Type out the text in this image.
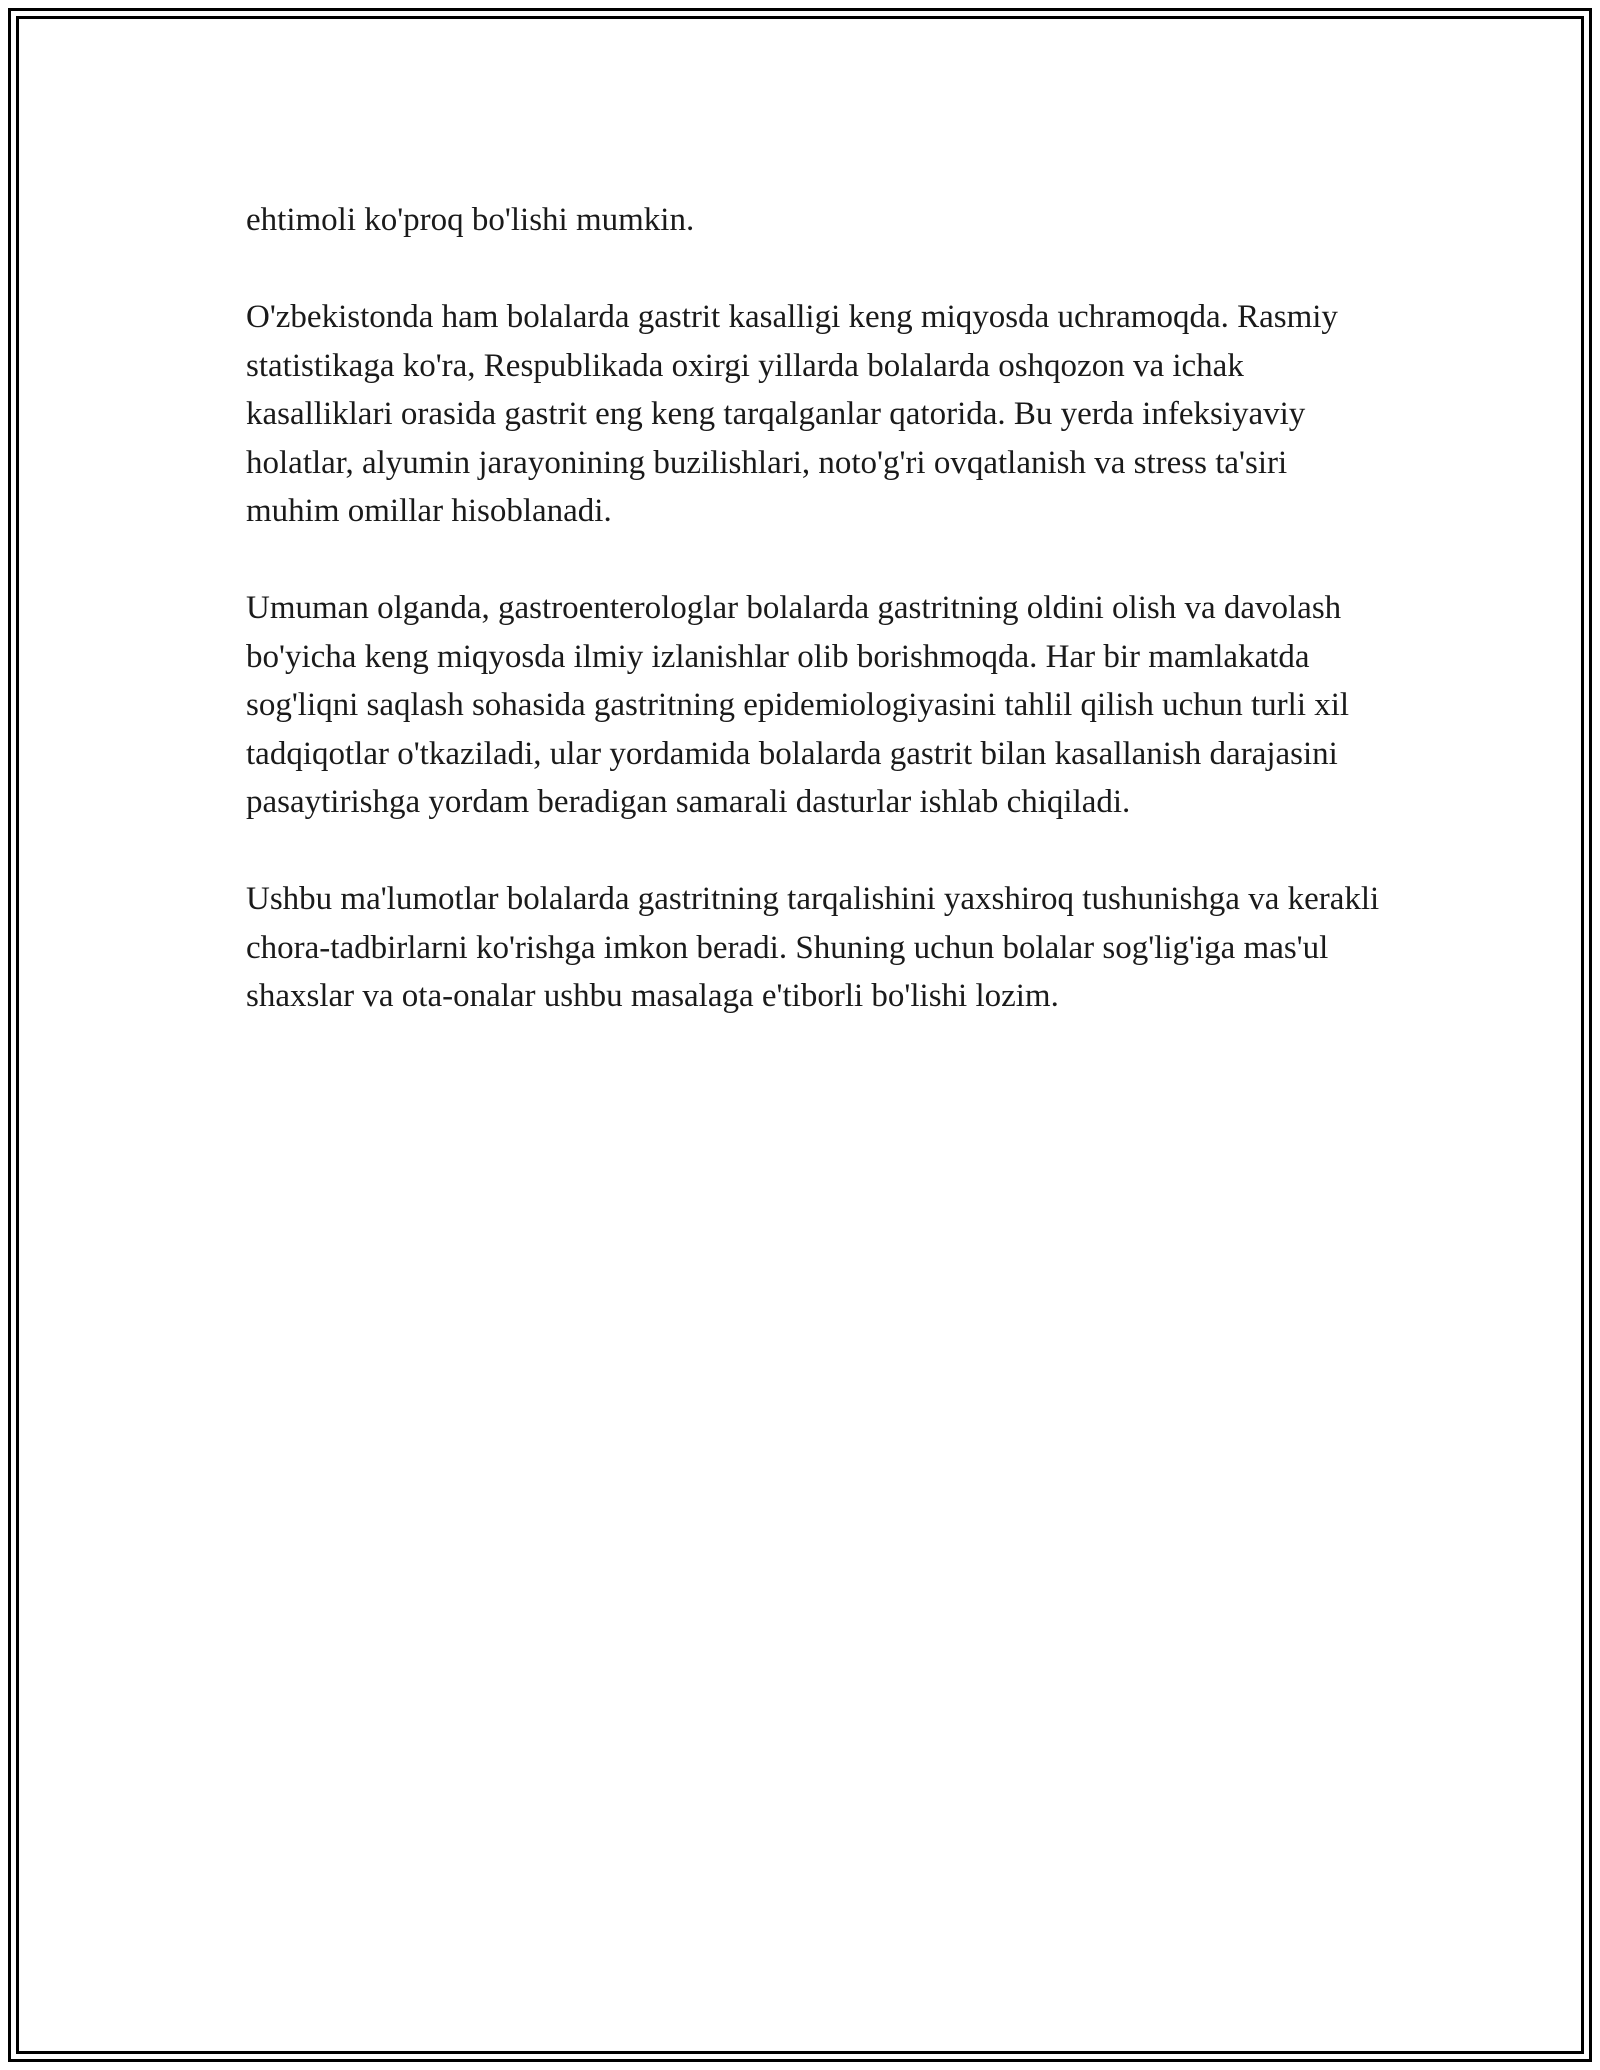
ehtimoli ko'proq bo'lishi mumkin.

O'zbekistonda ham bolalarda gastrit kasalligi keng miqyosda uchramoqda. Rasmiy statistikaga ko'ra, Respublikada oxirgi yillarda bolalarda oshqozon va ichak kasalliklari orasida gastrit eng keng tarqalganlar qatorida. Bu yerda infeksiyaviy holatlar, alyumin jarayonining buzilishlari, noto'g'ri ovqatlanish va stress ta'siri muhim omillar hisoblanadi.

Umuman olganda, gastroenterologlar bolalarda gastritning oldini olish va davolash bo'yicha keng miqyosda ilmiy izlanishlar olib borishmoqda. Har bir mamlakatda sog'liqni saqlash sohasida gastritning epidemiologiyasini tahlil qilish uchun turli xil tadqiqotlar o'tkaziladi, ular yordamida bolalarda gastrit bilan kasallanish darajasini pasaytirishga yordam beradigan samarali dasturlar ishlab chiqiladi.

Ushbu ma'lumotlar bolalarda gastritning tarqalishini yaxshiroq tushunishga va kerakli chora-tadbirlarni ko'rishga imkon beradi. Shuning uchun bolalar sog'lig'iga mas'ul shaxslar va ota-onalar ushbu masalaga e'tiborli bo'lishi lozim.
